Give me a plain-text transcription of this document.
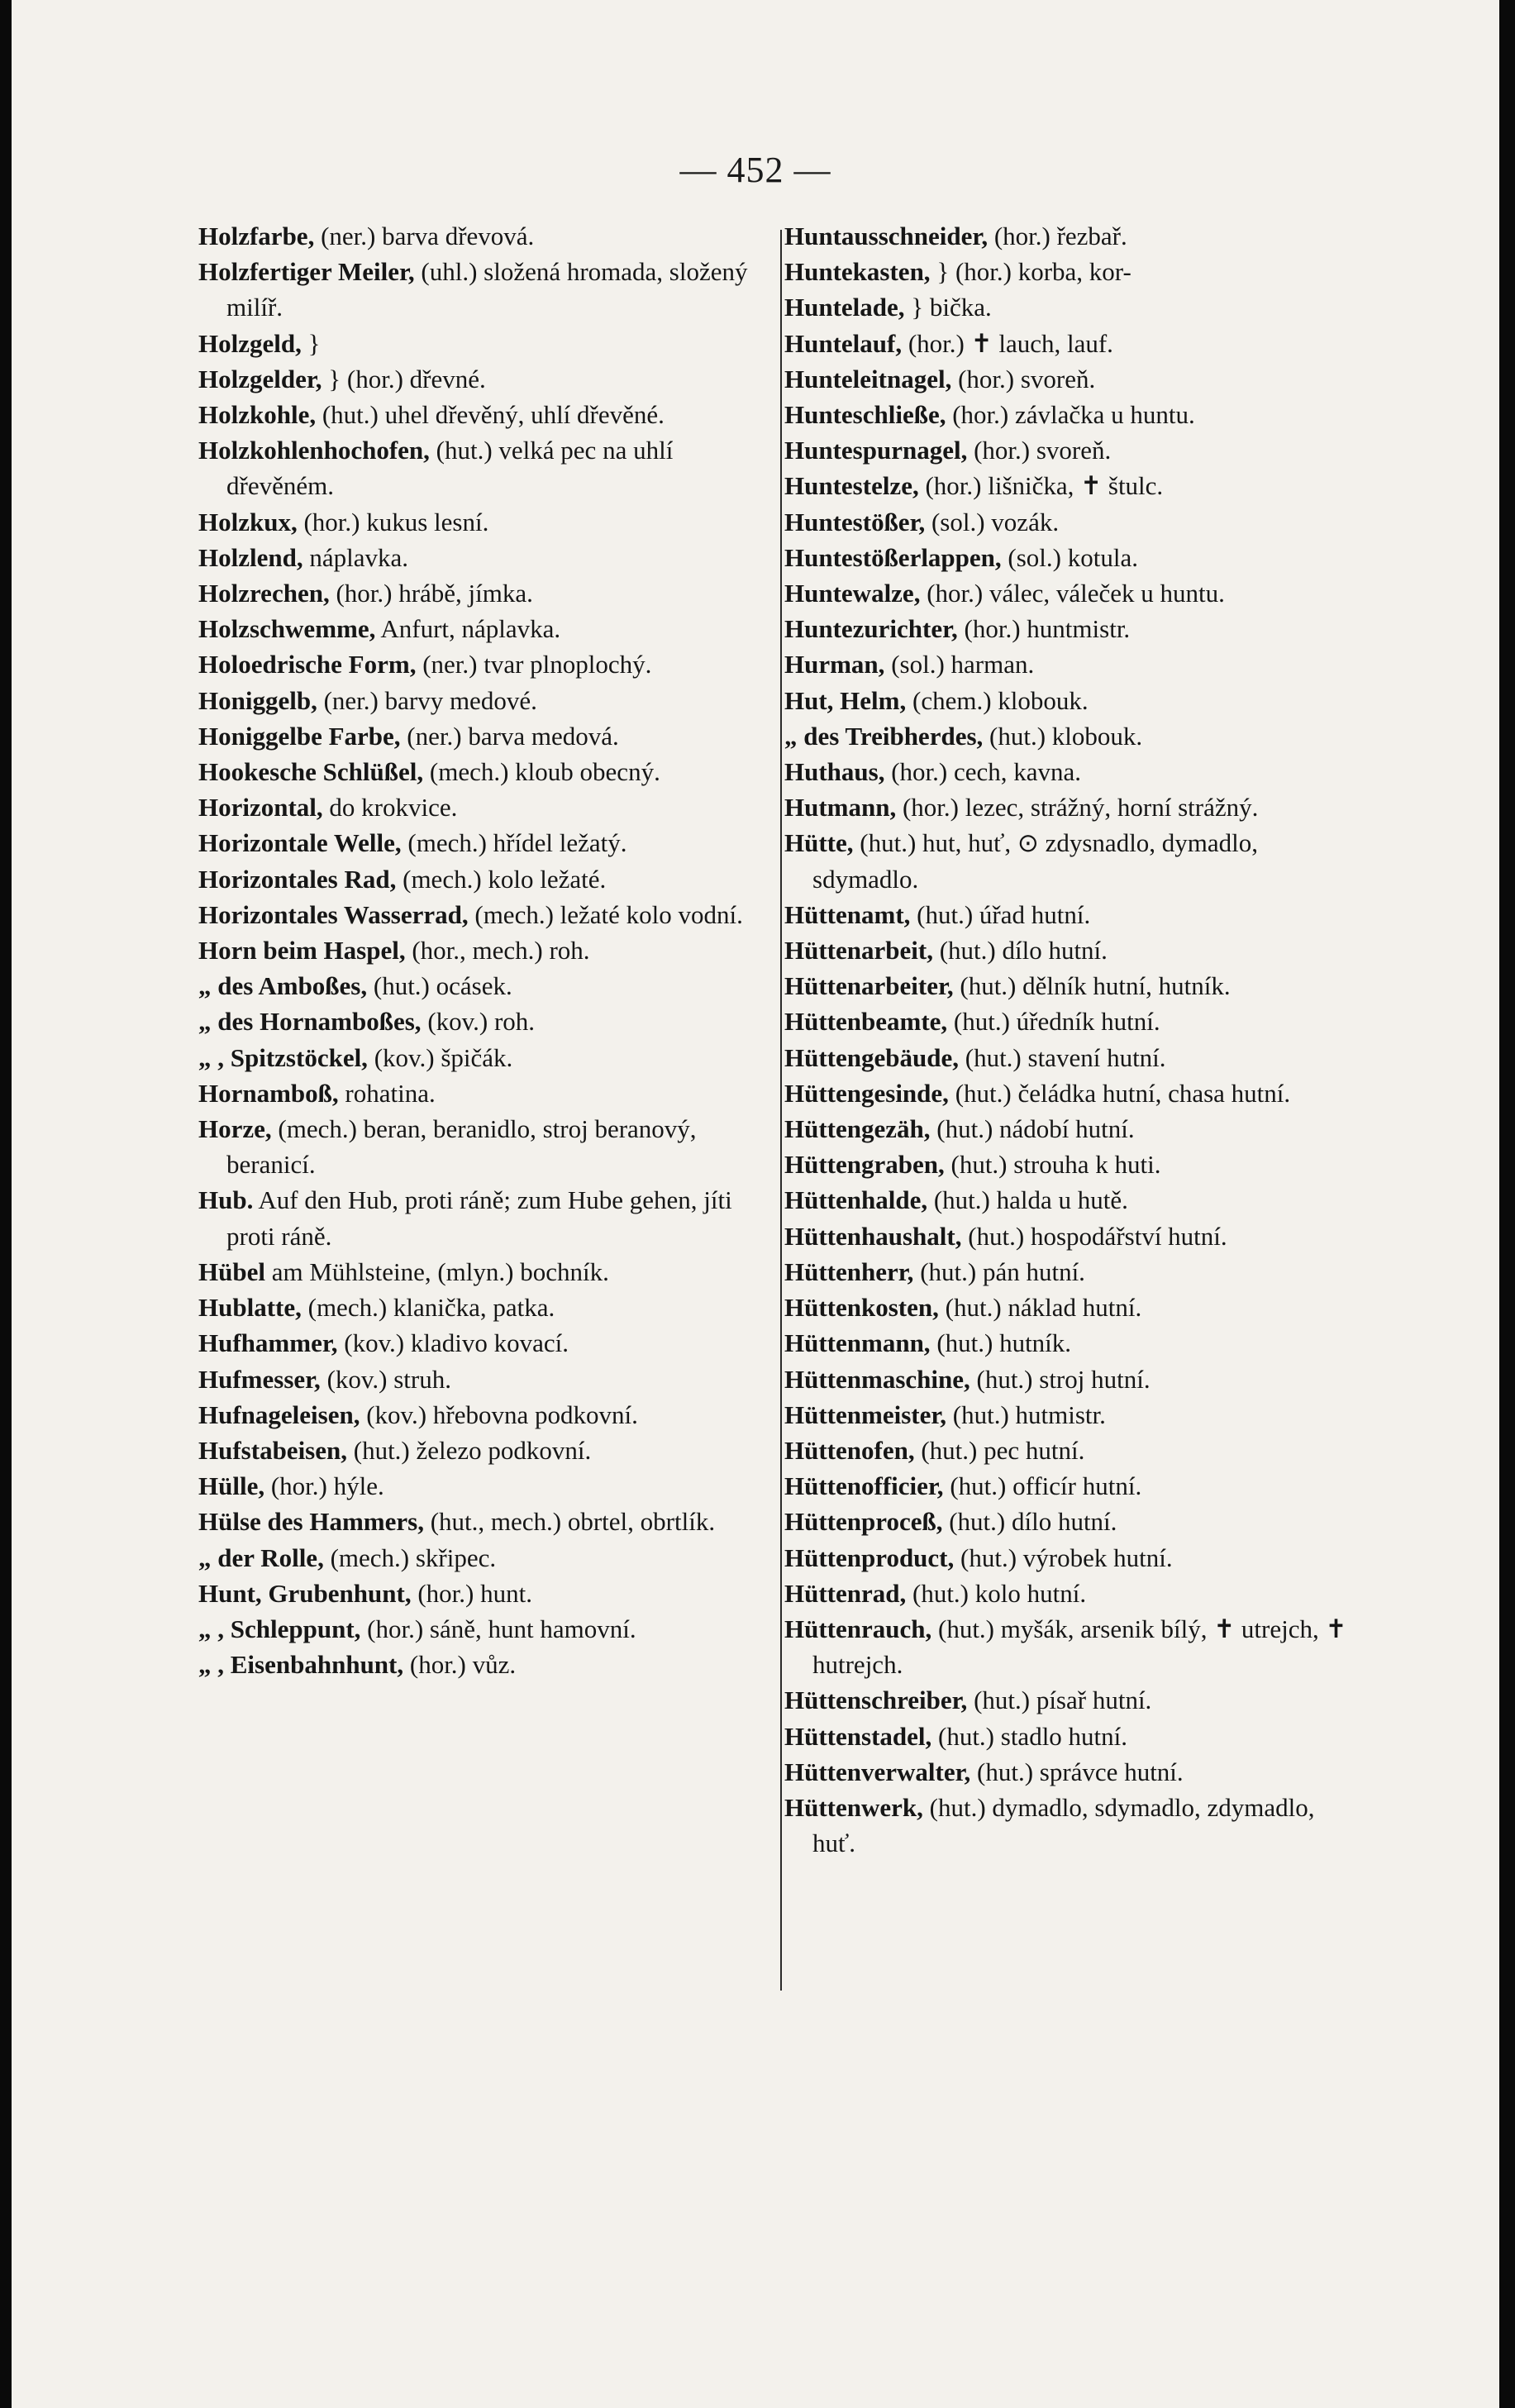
— 452 —

Holzfarbe, (ner.) barva dřevová.

Holzfertiger Meiler, (uhl.) složená hromada, složený milíř.

Holzgeld, }

Holzgelder, } (hor.) dřevné.

Holzkohle, (hut.) uhel dřevěný, uhlí dřevěné.

Holzkohlenhochofen, (hut.) velká pec na uhlí dřevěném.

Holzkux, (hor.) kukus lesní.

Holzlend, náplavka.

Holzrechen, (hor.) hrábě, jímka.

Holzschwemme, Anfurt, náplavka.

Holoedrische Form, (ner.) tvar plnoplochý.

Honiggelb, (ner.) barvy medové.

Honiggelbe Farbe, (ner.) barva medová.

Hookesche Schlüßel, (mech.) kloub obecný.

Horizontal, do krokvice.

Horizontale Welle, (mech.) hřídel ležatý.

Horizontales Rad, (mech.) kolo ležaté.

Horizontales Wasserrad, (mech.) ležaté kolo vodní.

Horn beim Haspel, (hor., mech.) roh.

„ des Amboßes, (hut.) ocásek.

„ des Hornamboßes, (kov.) roh.

„ , Spitzstöckel, (kov.) špičák.

Hornamboß, rohatina.

Horze, (mech.) beran, beranidlo, stroj beranový, beranicí.

Hub. Auf den Hub, proti ráně; zum Hube gehen, jíti proti ráně.

Hübel am Mühlsteine, (mlyn.) bochník.

Hublatte, (mech.) klanička, patka.

Hufhammer, (kov.) kladivo kovací.

Hufmesser, (kov.) struh.

Hufnageleisen, (kov.) hřebovna podkovní.

Hufstabeisen, (hut.) železo podkovní.

Hülle, (hor.) hýle.

Hülse des Hammers, (hut., mech.) obrtel, obrtlík.

„ der Rolle, (mech.) skřipec.

Hunt, Grubenhunt, (hor.) hunt.

„ , Schleppunt, (hor.) sáně, hunt hamovní.

„ , Eisenbahnhunt, (hor.) vůz.

Huntausschneider, (hor.) řezbař.

Huntekasten, } (hor.) korba, kor-

Huntelade, } bička.

Huntelauf, (hor.) ✝ lauch, lauf.

Hunteleitnagel, (hor.) svoreň.

Hunteschließe, (hor.) závlačka u huntu.

Huntespurnagel, (hor.) svoreň.

Huntestelze, (hor.) lišnička, ✝ štulc.

Huntestößer, (sol.) vozák.

Huntestößerlappen, (sol.) kotula.

Huntewalze, (hor.) válec, váleček u huntu.

Huntezurichter, (hor.) huntmistr.

Hurman, (sol.) harman.

Hut, Helm, (chem.) klobouk.

„ des Treibherdes, (hut.) klobouk.

Huthaus, (hor.) cech, kavna.

Hutmann, (hor.) lezec, strážný, horní strážný.

Hütte, (hut.) hut, huť, ⊙ zdysnadlo, dymadlo, sdymadlo.

Hüttenamt, (hut.) úřad hutní.

Hüttenarbeit, (hut.) dílo hutní.

Hüttenarbeiter, (hut.) dělník hutní, hutník.

Hüttenbeamte, (hut.) úředník hutní.

Hüttengebäude, (hut.) stavení hutní.

Hüttengesinde, (hut.) čeládka hutní, chasa hutní.

Hüttengezäh, (hut.) nádobí hutní.

Hüttengraben, (hut.) strouha k huti.

Hüttenhalde, (hut.) halda u hutě.

Hüttenhaushalt, (hut.) hospodářství hutní.

Hüttenherr, (hut.) pán hutní.

Hüttenkosten, (hut.) náklad hutní.

Hüttenmann, (hut.) hutník.

Hüttenmaschine, (hut.) stroj hutní.

Hüttenmeister, (hut.) hutmistr.

Hüttenofen, (hut.) pec hutní.

Hüttenofficier, (hut.) officír hutní.

Hüttenproceß, (hut.) dílo hutní.

Hüttenproduct, (hut.) výrobek hutní.

Hüttenrad, (hut.) kolo hutní.

Hüttenrauch, (hut.) myšák, arsenik bílý, ✝ utrejch, ✝ hutrejch.

Hüttenschreiber, (hut.) písař hutní.

Hüttenstadel, (hut.) stadlo hutní.

Hüttenverwalter, (hut.) správce hutní.

Hüttenwerk, (hut.) dymadlo, sdymadlo, zdymadlo, huť.
